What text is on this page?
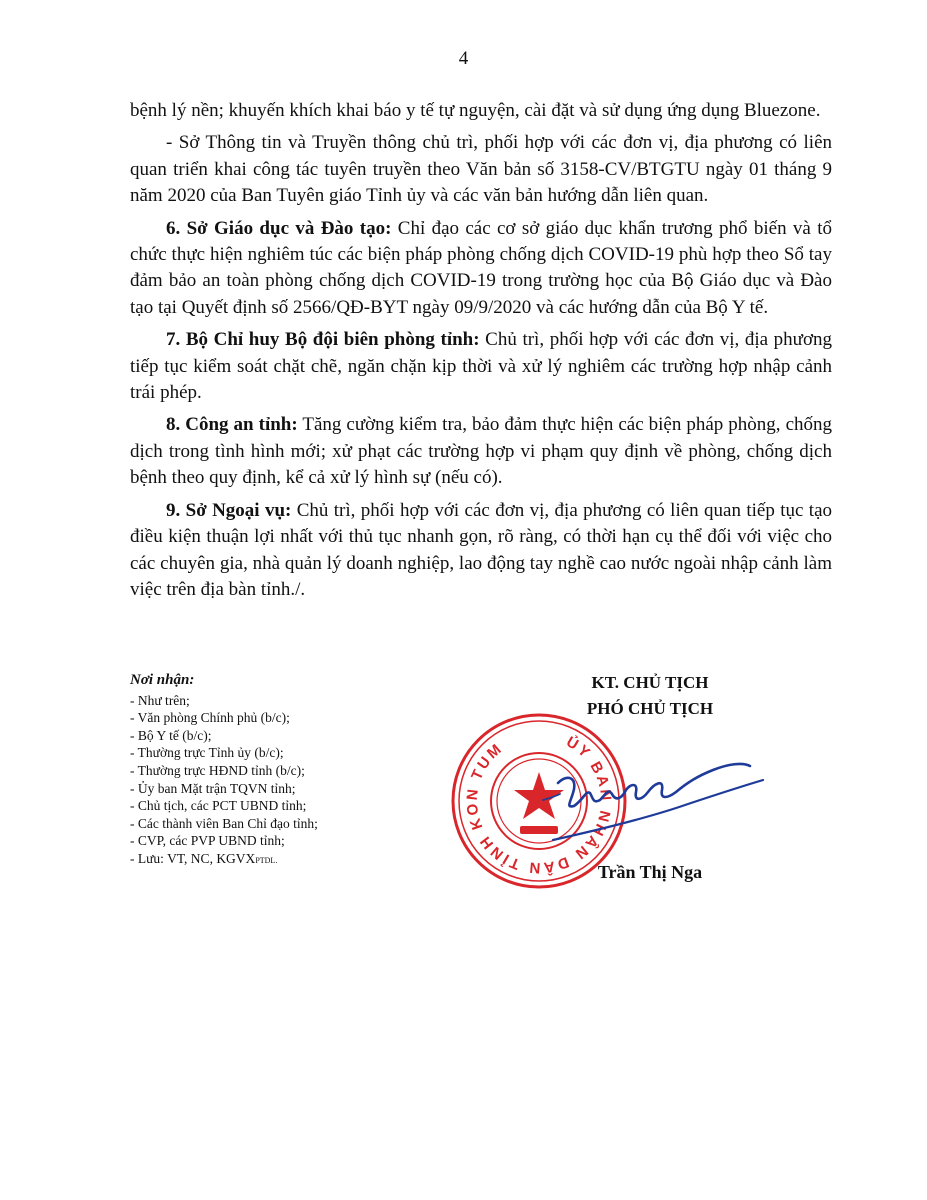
4

bệnh lý nền; khuyến khích khai báo y tế tự nguyện, cài đặt và sử dụng ứng dụng Bluezone.

- Sở Thông tin và Truyền thông chủ trì, phối hợp với các đơn vị, địa phương có liên quan triển khai công tác tuyên truyền theo Văn bản số 3158-CV/BTGTU ngày 01 tháng 9 năm 2020 của Ban Tuyên giáo Tỉnh ủy và các văn bản hướng dẫn liên quan.

6. Sở Giáo dục và Đào tạo: Chỉ đạo các cơ sở giáo dục khẩn trương phổ biến và tổ chức thực hiện nghiêm túc các biện pháp phòng chống dịch COVID-19 phù hợp theo Sổ tay đảm bảo an toàn phòng chống dịch COVID-19 trong trường học của Bộ Giáo dục và Đào tạo tại Quyết định số 2566/QĐ-BYT ngày 09/9/2020 và các hướng dẫn của Bộ Y tế.

7. Bộ Chỉ huy Bộ đội biên phòng tỉnh: Chủ trì, phối hợp với các đơn vị, địa phương tiếp tục kiểm soát chặt chẽ, ngăn chặn kịp thời và xử lý nghiêm các trường hợp nhập cảnh trái phép.

8. Công an tỉnh: Tăng cường kiểm tra, bảo đảm thực hiện các biện pháp phòng, chống dịch trong tình hình mới; xử phạt các trường hợp vi phạm quy định về phòng, chống dịch bệnh theo quy định, kể cả xử lý hình sự (nếu có).

9. Sở Ngoại vụ: Chủ trì, phối hợp với các đơn vị, địa phương có liên quan tiếp tục tạo điều kiện thuận lợi nhất với thủ tục nhanh gọn, rõ ràng, có thời hạn cụ thể đối với việc cho các chuyên gia, nhà quản lý doanh nghiệp, lao động tay nghề cao nước ngoài nhập cảnh làm việc trên địa bàn tỉnh./.

Nơi nhận:
- Như trên;
- Văn phòng Chính phủ (b/c);
- Bộ Y tế (b/c);
- Thường trực Tỉnh ủy (b/c);
- Thường trực HĐND tỉnh (b/c);
- Ủy ban Mặt trận TQVN tỉnh;
- Chủ tịch, các PCT UBND tỉnh;
- Các thành viên Ban Chỉ đạo tỉnh;
- CVP, các PVP UBND tỉnh;
- Lưu: VT, NC, KGVXPTDL.
KT. CHỦ TỊCH
PHÓ CHỦ TỊCH
ỦY BAN NHÂN DÂN TỈNH KON TUM
Trần Thị Nga
